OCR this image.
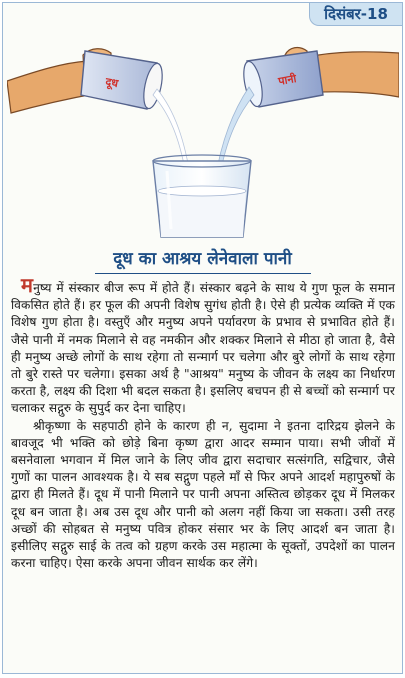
दिसंबर-18
दूध	पानी
दूध का आश्रय लेनेवाला पानी

मनुष्य में संस्कार बीज रूप में होते हैं। संस्कार बढ़ने के साथ ये गुण फूल के समान विकसित होते हैं। हर फूल की अपनी विशेष सुगंध होती है। ऐसे ही प्रत्येक व्यक्ति में एक विशेष गुण होता है। वस्तुएँ और मनुष्य अपने पर्यावरण के प्रभाव से प्रभावित होते हैं। जैसे पानी में नमक मिलाने से वह नमकीन और शक्कर मिलाने से मीठा हो जाता है, वैसे ही मनुष्य अच्छे लोगों के साथ रहेगा तो सन्मार्ग पर चलेगा और बुरे लोगों के साथ रहेगा तो बुरे रास्ते पर चलेगा। इसका अर्थ है "आश्रय" मनुष्य के जीवन के लक्ष्य का निर्धारण करता है, लक्ष्य की दिशा भी बदल सकता है। इसलिए बचपन ही से बच्चों को सन्मार्ग पर चलाकर सद्गुरु के सुपुर्द कर देना चाहिए।

श्रीकृष्णा के सहपाठी होने के कारण ही न, सुदामा ने इतना दारिद्रय झेलने के बावजूद भी भक्ति को छोड़े बिना कृष्ण द्वारा आदर सम्मान पाया। सभी जीवों में बसनेवाला भगवान में मिल जाने के लिए जीव द्वारा सदाचार सत्संगति, सद्विचार, जैसे गुणों का पालन आवश्यक है। ये सब सद्गुण पहले माँ से फिर अपने आदर्श महापुरुषों के द्वारा ही मिलते हैं। दूध में पानी मिलाने पर पानी अपना अस्तित्व छोड़कर दूध में मिलकर दूध बन जाता है। अब उस दूध और पानी को अलग नहीं किया जा सकता। उसी तरह अच्छों की सोहबत से मनुष्य पवित्र होकर संसार भर के लिए आदर्श बन जाता है। इसीलिए सद्गुरु साई के तत्व को ग्रहण करके उस महात्मा के सूक्तों, उपदेशों का पालन करना चाहिए। ऐसा करके अपना जीवन सार्थक कर लेंगे।
